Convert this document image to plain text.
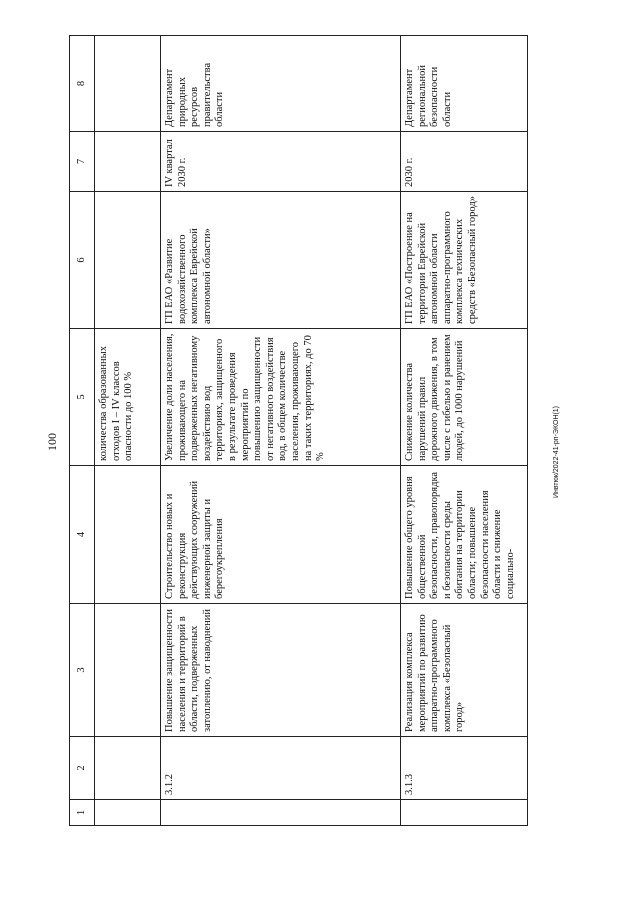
100
1	2	3	4	5	6	7	8
				количества образованных отходов I – IV классов опасности до 100 %			
	3.1.2	Повышение защищенности населения и территорий в области, подверженных затоплению, от наводнений	Строительство новых и реконструкция действующих сооружений инженерной защиты и берегоукрепления	Увеличение доли населения, проживающего на подверженных негативному воздействию вод территориях, защищенного в результате проведения мероприятий по повышению защищенности от негативного воздействия вод, в общем количестве населения, проживающего на таких территориях, до 70 %	ГП ЕАО «Развитие водохозяйственного комплекса Еврейской автономной области»	IV квартал 2030 г.	Департамент природных ресурсов правительства области
	3.1.3	Реализация комплекса мероприятий по развитию аппаратно-программного комплекса «Безопасный город»	Повышение общего уровня общественной безопасности, правопорядка и безопасности среды обитания на территории области; повышение безопасности населения области и снижение социально-	Снижение количества нарушений правил дорожного движения, в том числе с гибелью и ранением людей, до 1000 нарушений	ГП ЕАО «Построение на территории Еврейской автономной области аппаратно-программного комплекса технических средств «Безопасный город»	2030 г.	Департамент региональной безопасности области
Инвтюк/2022-41-рп-ЭКОН(1)
